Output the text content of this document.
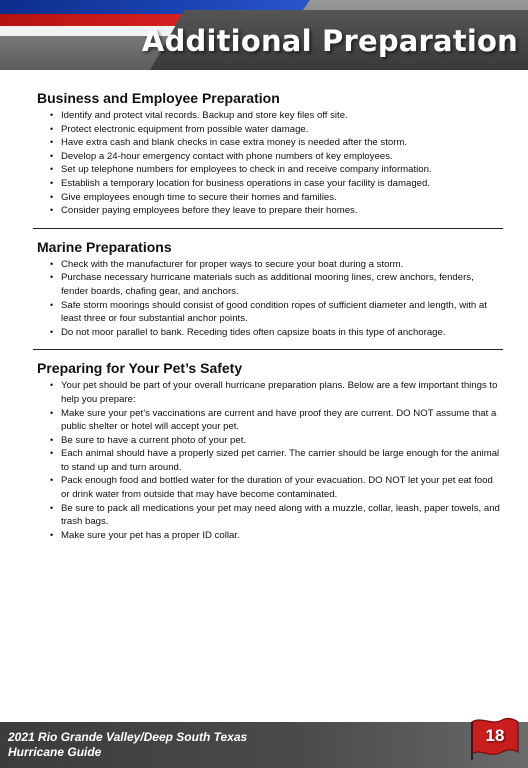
Additional Preparation
Business and Employee Preparation
• Identify and protect vital records. Backup and store key files off site.
• Protect electronic equipment from possible water damage.
• Have extra cash and blank checks in case extra money is needed after the storm.
• Develop a 24-hour emergency contact with phone numbers of key employees.
• Set up telephone numbers for employees to check in and receive company information.
• Establish a temporary location for business operations in case your facility is damaged.
• Give employees enough time to secure their homes and families.
• Consider paying employees before they leave to prepare their homes.
Marine Preparations
• Check with the manufacturer for proper ways to secure your boat during a storm.
• Purchase necessary hurricane materials such as additional mooring lines, crew anchors, fenders, fender boards, chafing gear, and anchors.
• Safe storm moorings should consist of good condition ropes of sufficient diameter and length, with at least three or four substantial anchor points.
• Do not moor parallel to bank. Receding tides often capsize boats in this type of anchorage.
Preparing for Your Pet’s Safety
• Your pet should be part of your overall hurricane preparation plans. Below are a few important things to help you prepare:
• Make sure your pet’s vaccinations are current and have proof they are current. DO NOT assume that a public shelter or hotel will accept your pet.
• Be sure to have a current photo of your pet.
• Each animal should have a properly sized pet carrier. The carrier should be large enough for the animal to stand up and turn around.
• Pack enough food and bottled water for the duration of your evacuation. DO NOT let your pet eat food or drink water from outside that may have become contaminated.
• Be sure to pack all medications your pet may need along with a muzzle, collar, leash, paper towels, and trash bags.
• Make sure your pet has a proper ID collar.
2021 Rio Grande Valley/Deep South Texas
Hurricane Guide
18
